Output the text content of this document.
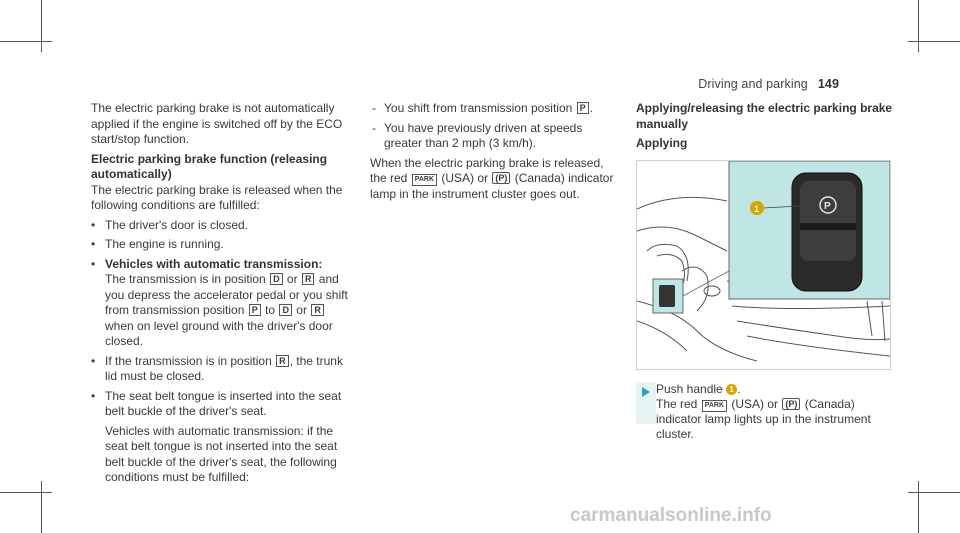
Driving and parking 149

The electric parking brake is not automatically applied if the engine is switched off by the ECO start/stop function.

Electric parking brake function (releasing automatically)

The electric parking brake is released when the following conditions are fulfilled:

• The driver's door is closed.

• The engine is running.

• Vehicles with automatic transmission:
The transmission is in position D or R and you depress the accelerator pedal or you shift from transmission position P to D or R when on level ground with the driver's door closed.
• If the transmission is in position R , the trunk lid must be closed.
• The seat belt tongue is inserted into the seat belt buckle of the driver's seat.
Vehicles with automatic transmission: if the seat belt tongue is not inserted into the seat belt buckle of the driver's seat, the following conditions must be fulfilled:
- You shift from transmission position P .

- You have previously driven at speeds greater than 2 mph (3 km/h).

When the electric parking brake is released, the red PARK (USA) or (P) (Canada) indicator lamp in the instrument cluster goes out.

Applying/releasing the electric parking brake manually

Applying

P
1
Push handle 1 .
The red PARK (USA) or (P) (Canada) indicator lamp lights up in the instrument cluster.
carmanualsonline.info
